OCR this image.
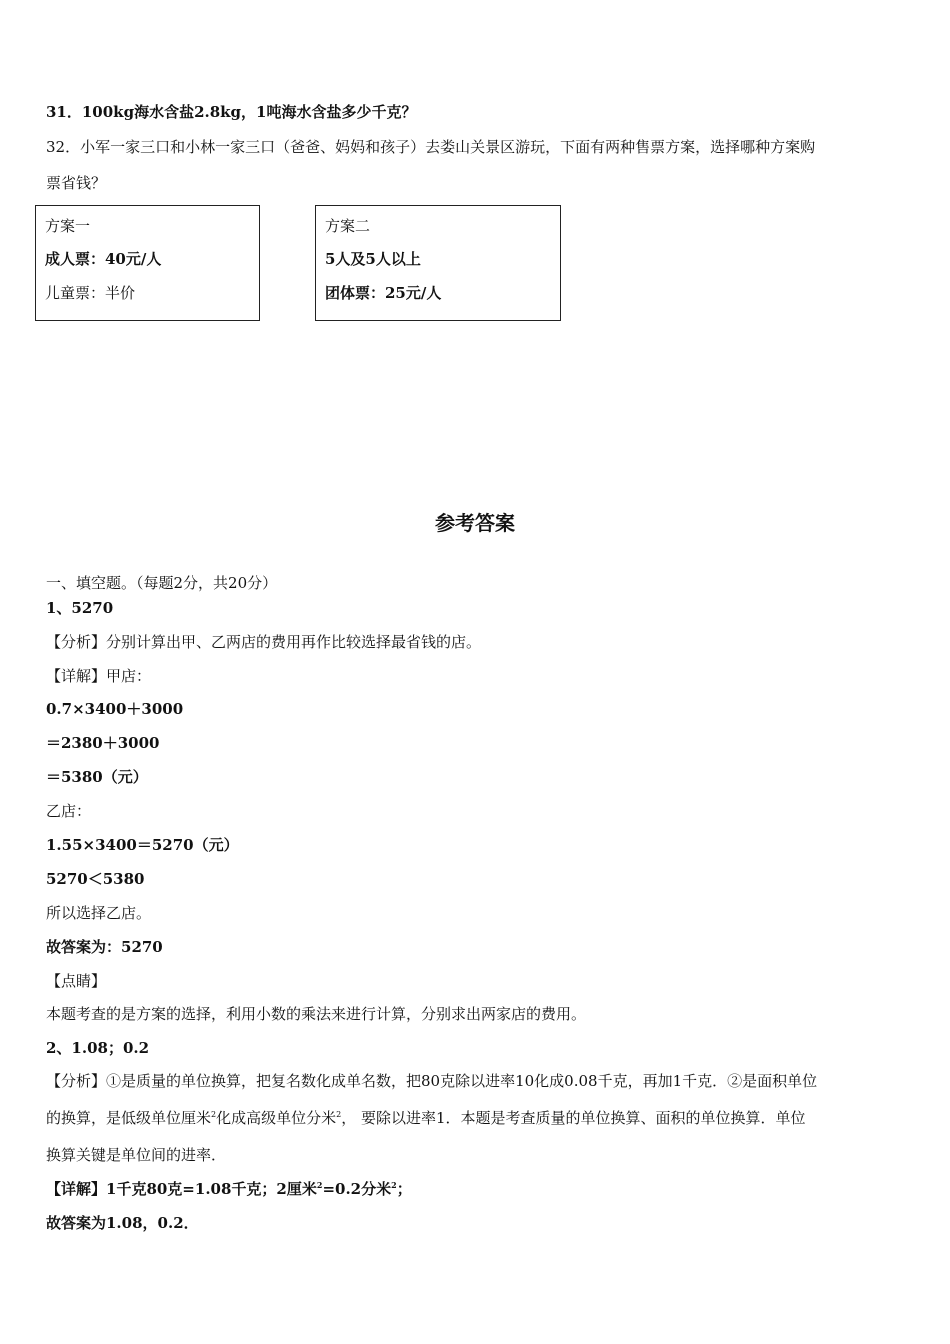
31．100kg海水含盐2.8kg，1吨海水含盐多少千克？
32．小军一家三口和小林一家三口（爸爸、妈妈和孩子）去娄山关景区游玩，下面有两种售票方案，选择哪种方案购
票省钱？
方案一
成人票：40元/人
儿童票：半价
方案二
5人及5人以上
团体票：25元/人
参考答案
一、填空题。（每题2分，共20分）
1、5270
【分析】分别计算出甲、乙两店的费用再作比较选择最省钱的店。
【详解】甲店：
0.7×3400＋3000
＝2380＋3000
＝5380（元）
乙店：
1.55×3400＝5270（元）
5270＜5380
所以选择乙店。
故答案为：5270
【点睛】
本题考查的是方案的选择，利用小数的乘法来进行计算，分别求出两家店的费用。
2、1.08；0.2
【分析】①是质量的单位换算，把复名数化成单名数，把80克除以进率10化成0.08千克，再加1千克．②是面积单位
的换算，是低级单位厘米$^2$化成高级单位分米$^2$， 要除以进率1．本题是考查质量的单位换算、面积的单位换算．单位
换算关键是单位间的进率．
【详解】1千克80克=1.08千克；2厘米$^2$=0.2分米$^2$；
故答案为1.08，0.2．
